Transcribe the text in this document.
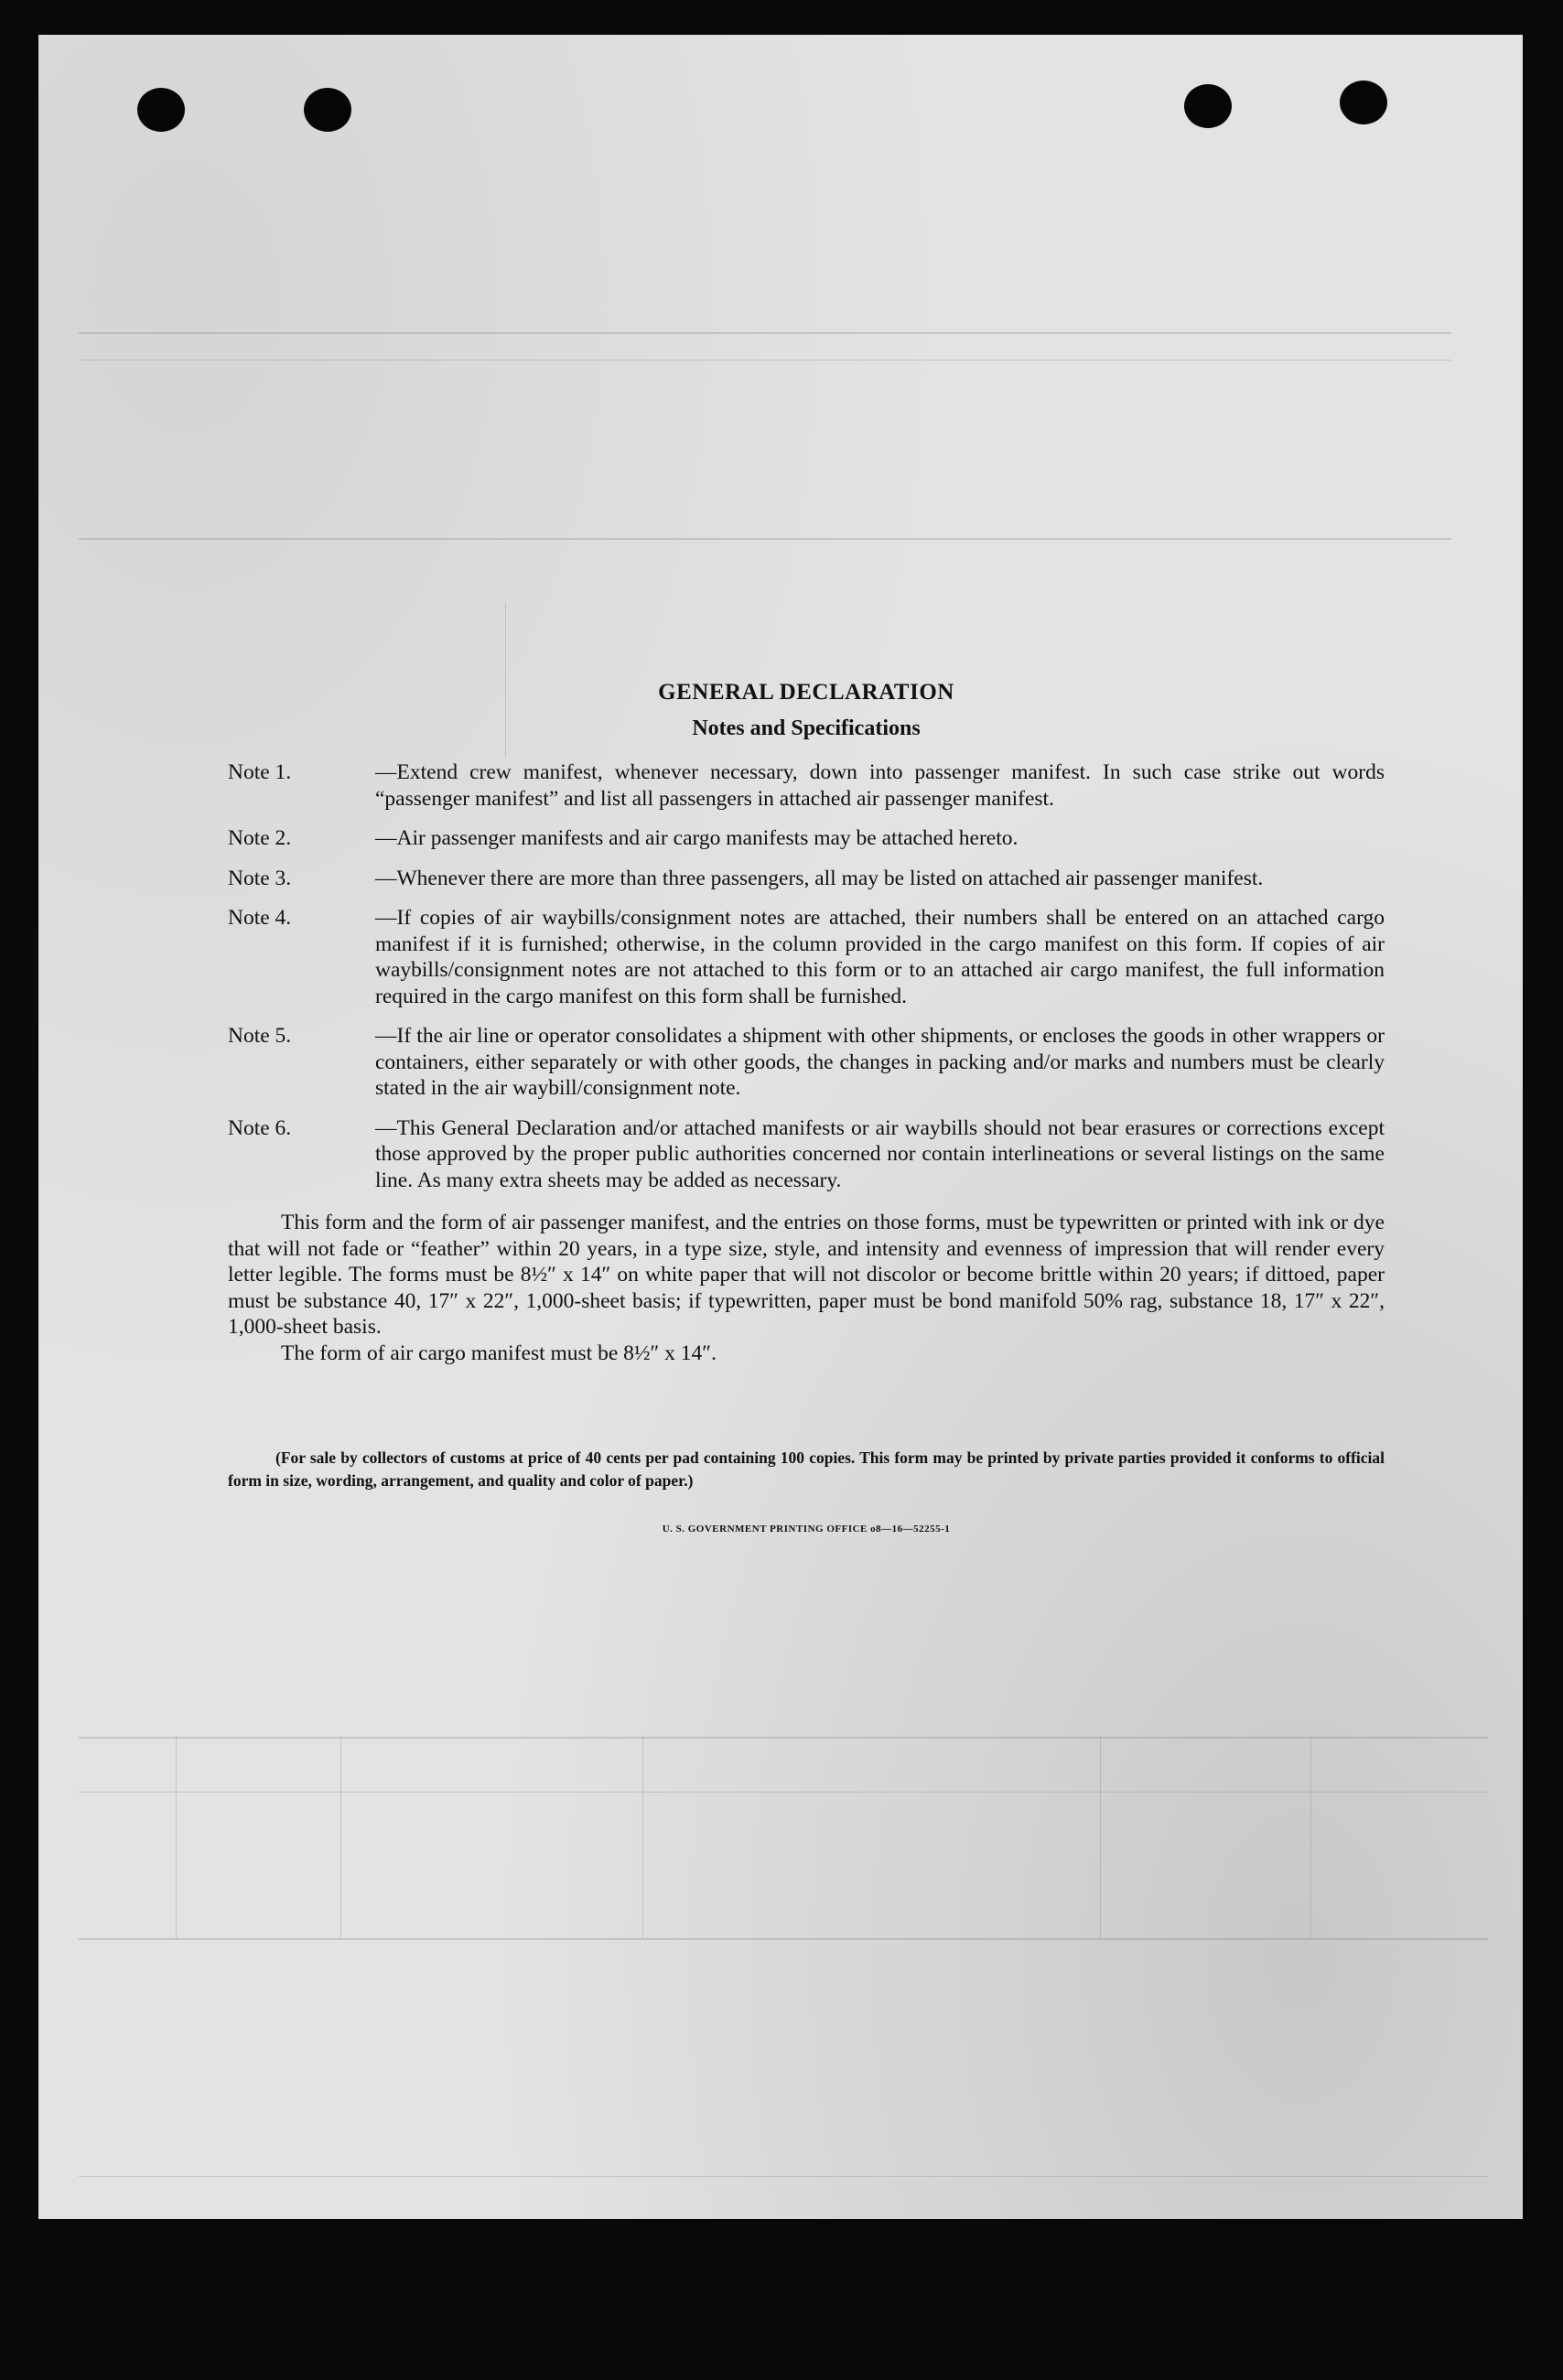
GENERAL DECLARATION
Notes and Specifications
Note 1.	—Extend crew manifest, whenever necessary, down into passenger manifest. In such case strike out words “passenger manifest” and list all passengers in attached air passenger manifest.
Note 2.	—Air passenger manifests and air cargo manifests may be attached hereto.
Note 3.	—Whenever there are more than three passengers, all may be listed on attached air passenger manifest.
Note 4.	—If copies of air waybills/consignment notes are attached, their numbers shall be entered on an attached cargo manifest if it is furnished; otherwise, in the column provided in the cargo manifest on this form. If copies of air waybills/consignment notes are not attached to this form or to an attached air cargo manifest, the full information required in the cargo manifest on this form shall be furnished.
Note 5.	—If the air line or operator consolidates a shipment with other shipments, or encloses the goods in other wrappers or containers, either separately or with other goods, the changes in packing and/or marks and numbers must be clearly stated in the air waybill/consignment note.
Note 6.	—This General Declaration and/or attached manifests or air waybills should not bear erasures or corrections except those approved by the proper public authorities concerned nor contain interlineations or several listings on the same line. As many extra sheets may be added as necessary.

This form and the form of air passenger manifest, and the entries on those forms, must be typewritten or printed with ink or dye that will not fade or “feather” within 20 years, in a type size, style, and intensity and evenness of impression that will render every letter legible. The forms must be 8½″ x 14″ on white paper that will not discolor or become brittle within 20 years; if dittoed, paper must be substance 40, 17″ x 22″, 1,000-sheet basis; if typewritten, paper must be bond manifold 50% rag, substance 18, 17″ x 22″, 1,000-sheet basis.

The form of air cargo manifest must be 8½″ x 14″.

(For sale by collectors of customs at price of 40 cents per pad containing 100 copies. This form may be printed by private parties provided it conforms to official form in size, wording, arrangement, and quality and color of paper.)
U. S. GOVERNMENT PRINTING OFFICE o8—16—52255-1
